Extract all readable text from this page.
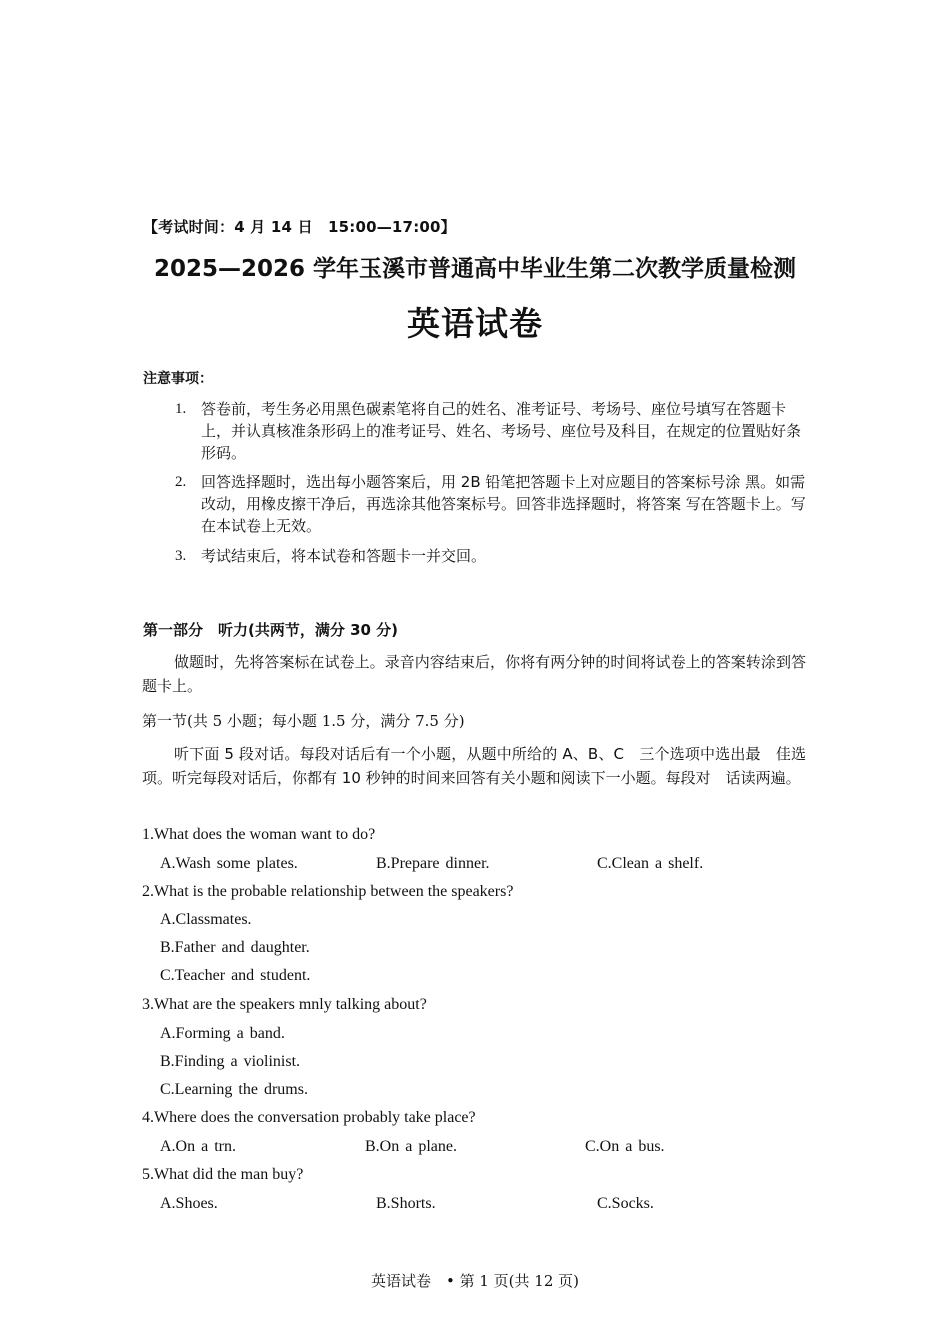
【考试时间：4 月 14 日　15:00—17:00】
2025—2026 学年玉溪市普通高中毕业生第二次教学质量检测
英语试卷
注意事项：
1. 答卷前，考生务必用黑色碳素笔将自己的姓名、准考证号、考场号、座位号填写在答题卡上，并认真核准条形码上的准考证号、姓名、考场号、座位号及科目，在规定的位置贴好条形码。
2. 回答选择题时，选出每小题答案后，用 2B 铅笔把答题卡上对应题目的答案标号涂 黑。如需改动，用橡皮擦干净后，再选涂其他答案标号。回答非选择题时，将答案 写在答题卡上。写在本试卷上无效。
3. 考试结束后，将本试卷和答题卡一并交回。
第一部分　听力(共两节，满分 30 分)
做题时，先将答案标在试卷上。录音内容结束后，你将有两分钟的时间将试卷上的答案转涂到答题卡上。
第一节(共 5 小题；每小题 1.5 分，满分 7.5 分)
听下面 5 段对话。每段对话后有一个小题，从题中所给的 A、B、C　三个选项中选出最　佳选项。听完每段对话后，你都有 10 秒钟的时间来回答有关小题和阅读下一小题。每段对　话读两遍。
1.What does the woman want to do?
A.Wash some plates.	B.Prepare dinner.	C.Clean a shelf.
2.What is the probable relationship between the speakers?
A.Classmates.
B.Father and daughter.
C.Teacher and student.
3.What are the speakers mnly talking about?
A.Forming a band.
B.Finding a violinist.
C.Learning the drums.
4.Where does the conversation probably take place?
A.On a trn.	B.On a plane.	C.On a bus.
5.What did the man buy?
A.Shoes.	B.Shorts.	C.Socks.
英语试卷　• 第 1 页(共 12 页)
